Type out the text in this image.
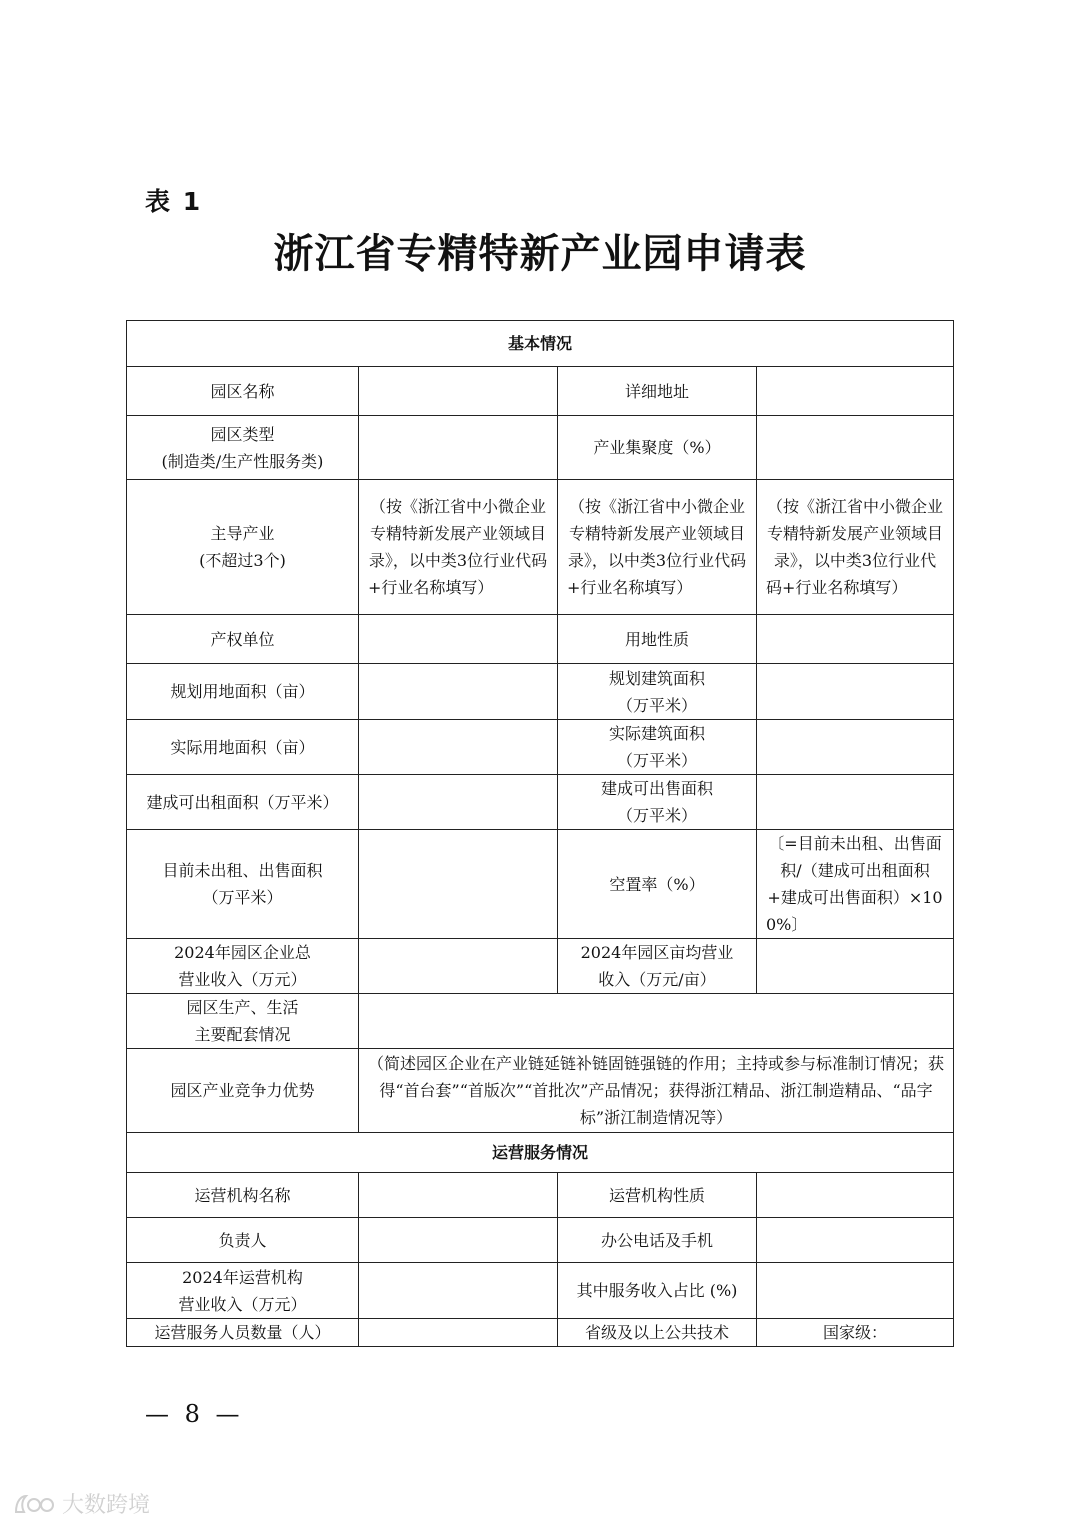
表 1
浙江省专精特新产业园申请表
基本情况			
园区名称		详细地址	

园区类型
(制造类/生产性服务类)		产业集聚度（%）	

主导产业
(不超过3个)	（按《浙江省中小微企业专精特新发展产业领域目录》，以中类3位行业代码+行业名称填写）	（按《浙江省中小微企业专精特新发展产业领域目录》，以中类3位行业代码+行业名称填写）	（按《浙江省中小微企业专精特新发展产业领域目录》，以中类3位行业代码+行业名称填写）
产权单位		用地性质	
规划用地面积（亩）		规划建筑面积
（万平米）	

实际用地面积（亩）		实际建筑面积
（万平米）	

建成可出租面积（万平米）		建成可出售面积
（万平米）	

目前未出租、出售面积
（万平米）		空置率（%）	〔=目前未出租、出售面积/（建成可出租面积+建成可出售面积）×100%〕

2024年园区企业总
营业收入（万元）		2024年园区亩均营业
收入（万元/亩）	

园区生产、生活
主要配套情况			

园区产业竞争力优势	（简述园区企业在产业链延链补链固链强链的作用；主持或参与标准制订情况；获得“首台套”“首版次”“首批次”产品情况；获得浙江精品、浙江制造精品、“品字标”浙江制造情况等）		
运营服务情况			
运营机构名称		运营机构性质	
负责人		办公电话及手机	

2024年运营机构
营业收入（万元）		其中服务收入占比 (%)	
运营服务人员数量（人）		省级及以上公共技术	国家级：
— 8 —
大数跨境
